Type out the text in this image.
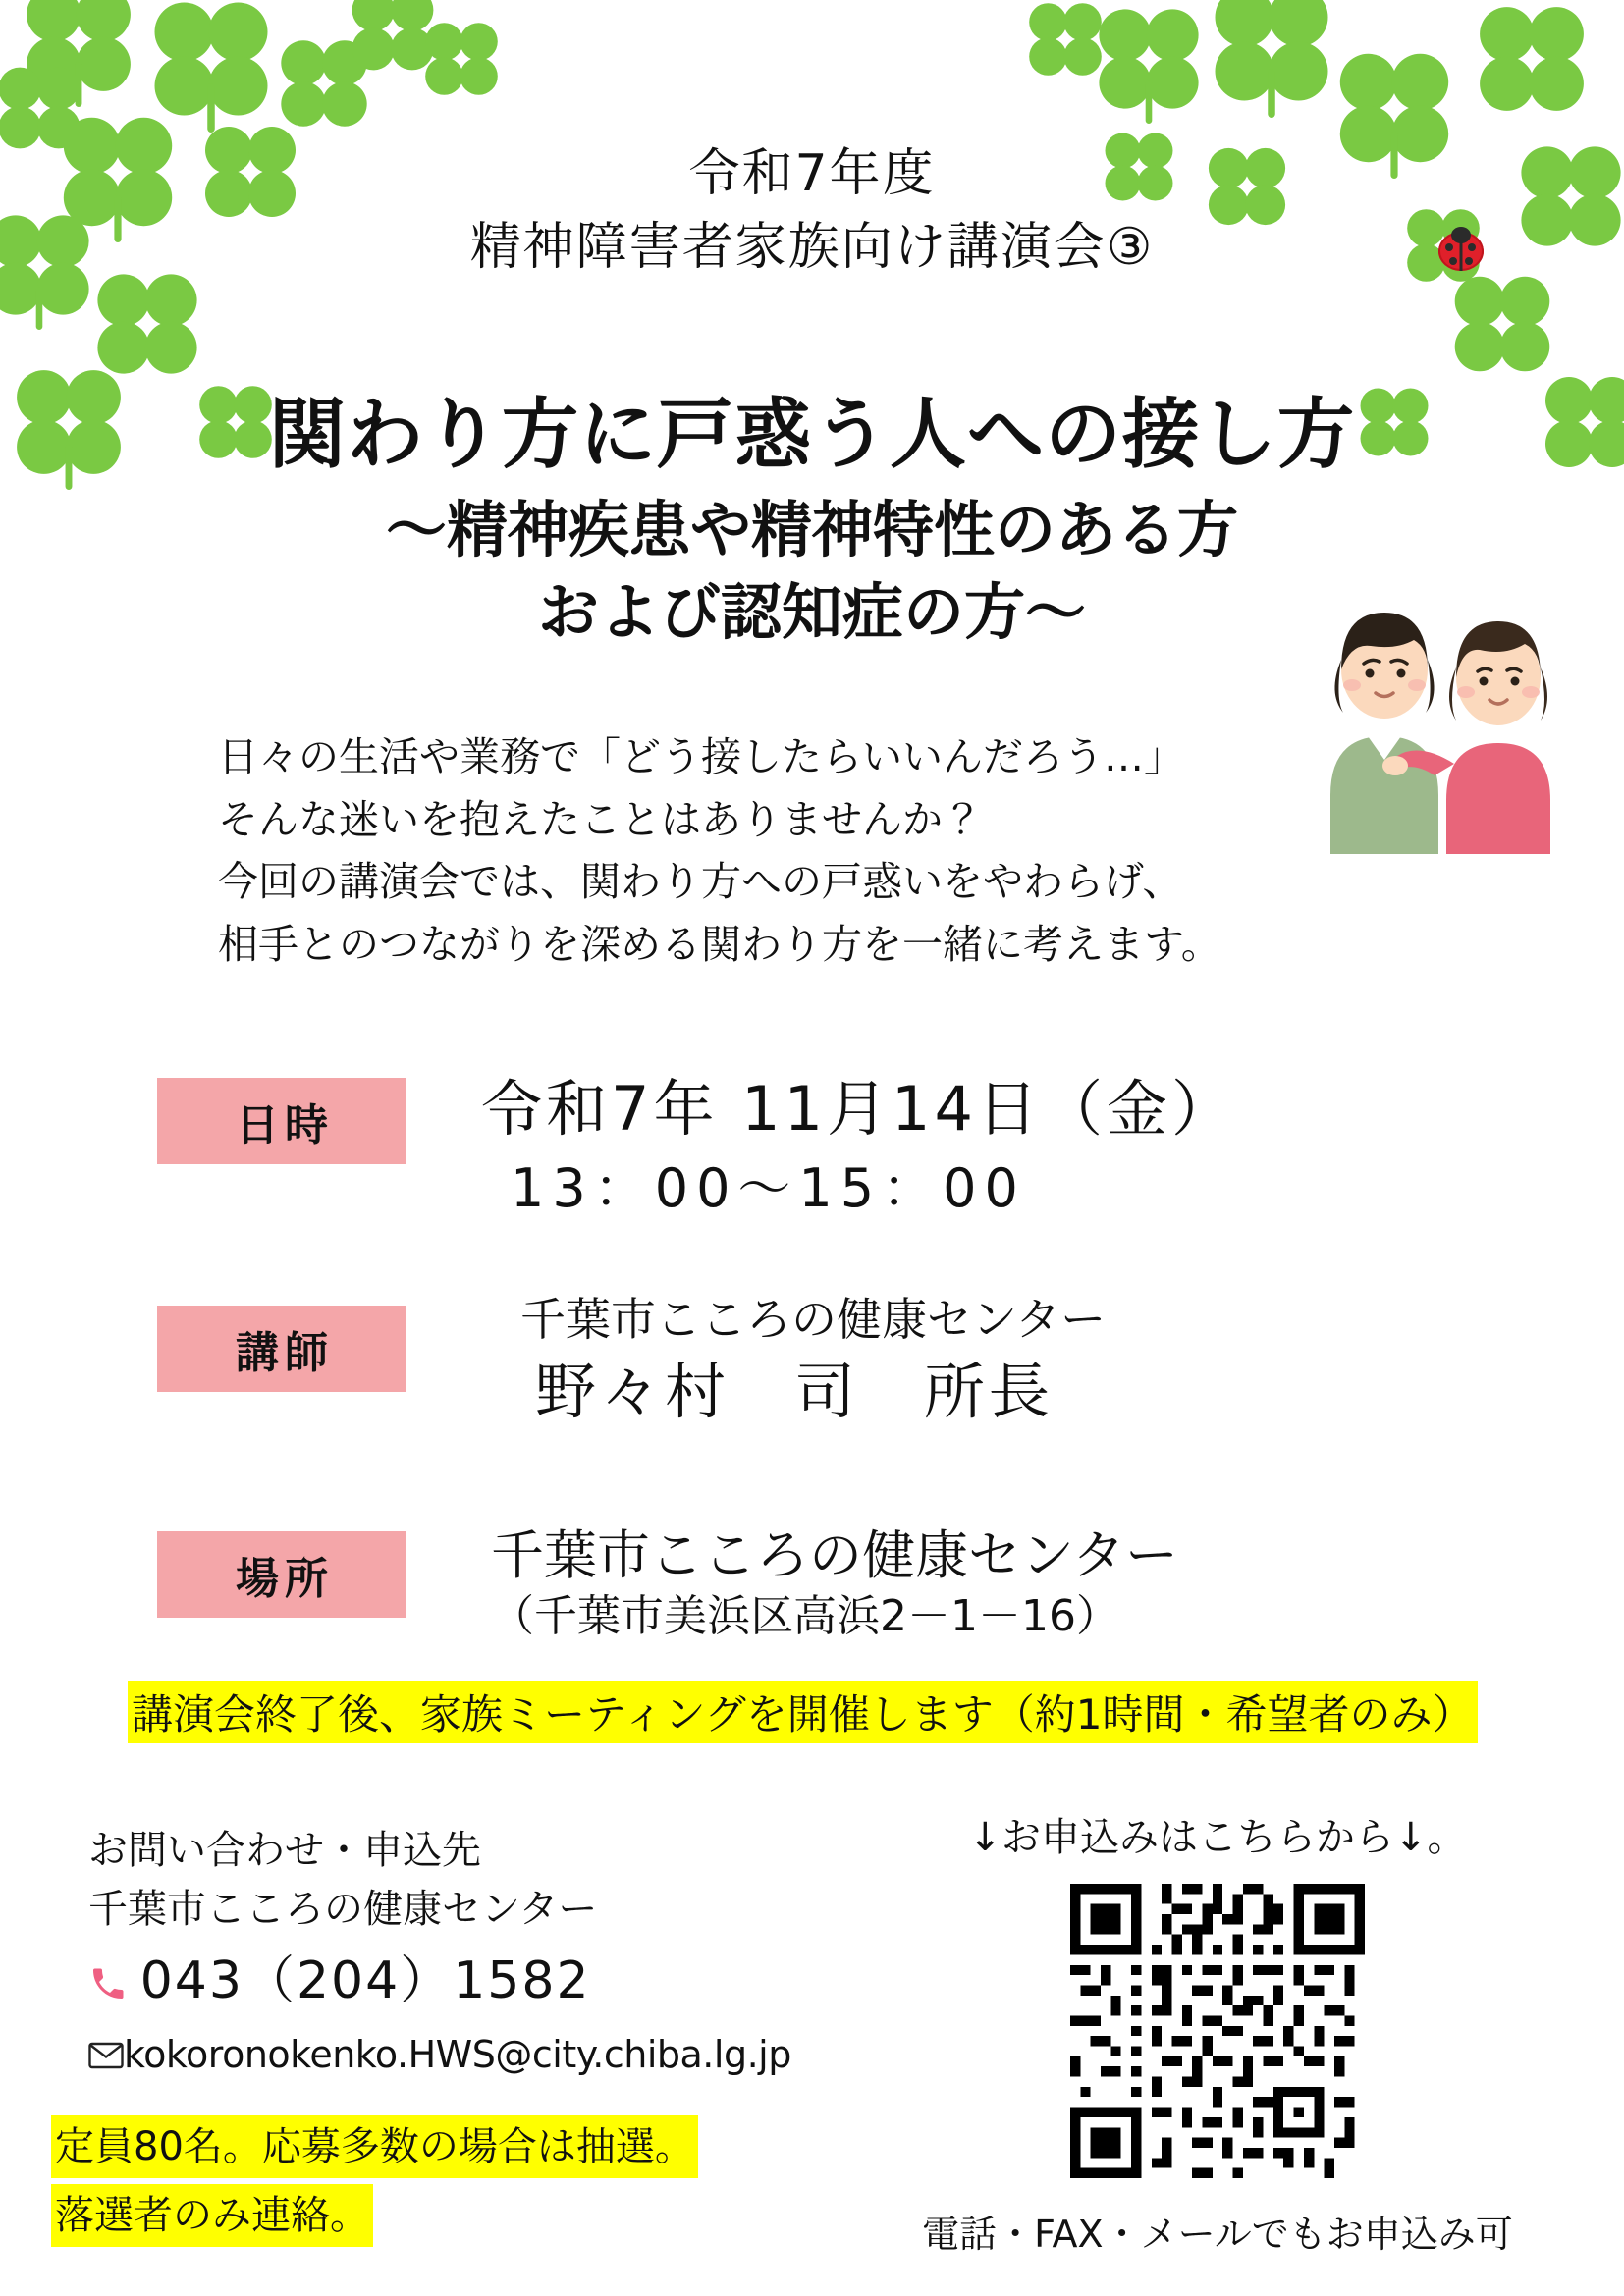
令和7年度
精神障害者家族向け講演会③
関わり方に戸惑う人への接し方
～精神疾患や精神特性のある方
および認知症の方～
日々の生活や業務で「どう接したらいいんだろう…」
そんな迷いを抱えたことはありませんか？
今回の講演会では、関わり方への戸惑いをやわらげ、
相手とのつながりを深める関わり方を一緒に考えます。
日時	令和7年 11月14日（金）
13：00～15：00
講師
千葉市こころの健康センター
野々村　司　所長
場所	千葉市こころの健康センター
（千葉市美浜区高浜2－1－16）
講演会終了後、家族ミーティングを開催します（約1時間・希望者のみ）
お問い合わせ・申込先
千葉市こころの健康センター
043（204）1582
kokoronokenko.HWS@city.chiba.lg.jp
定員80名。応募多数の場合は抽選。
落選者のみ連絡。
↓お申込みはこちらから↓。
電話・FAX・メールでもお申込み可
